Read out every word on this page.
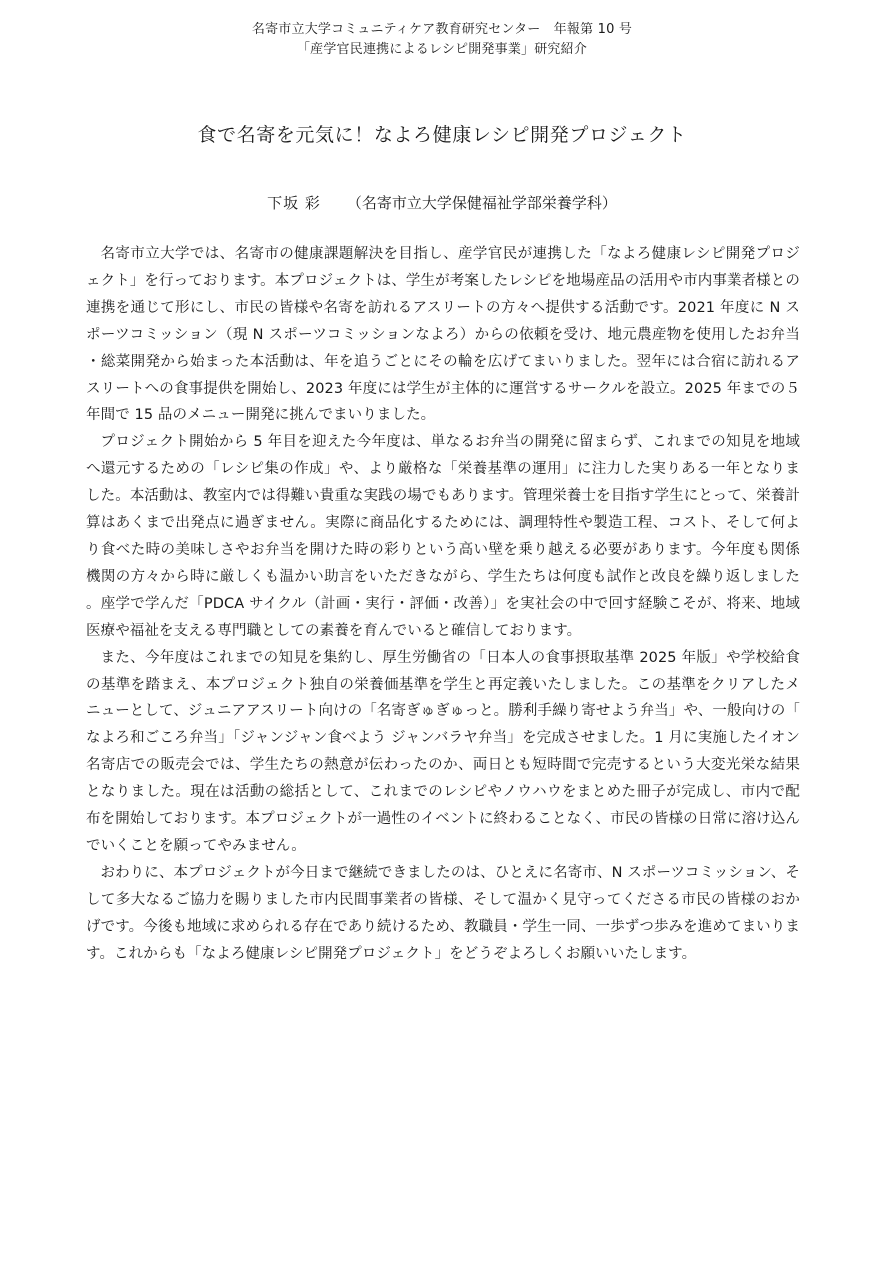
名寄市立大学コミュニティケア教育研究センター　年報第 10 号
「産学官民連携によるレシピ開発事業」研究紹介
食で名寄を元気に！なよろ健康レシピ開発プロジェクト
下坂 彩 （名寄市立大学保健福祉学部栄養学科）

名寄市立大学では、名寄市の健康課題解決を目指し、産学官民が連携した「なよろ健康レシピ開発プロジェクト」を行っております。本プロジェクトは、学生が考案したレシピを地場産品の活用や市内事業者様との連携を通じて形にし、市民の皆様や名寄を訪れるアスリートの方々へ提供する活動です。2021 年度に N スポーツコミッション（現 N スポーツコミッションなよろ）からの依頼を受け、地元農産物を使用したお弁当・総菜開発から始まった本活動は、年を追うごとにその輪を広げてまいりました。翌年には合宿に訪れるアスリートへの食事提供を開始し、2023 年度には学生が主体的に運営するサークルを設立。2025 年までの５年間で 15 品のメニュー開発に挑んでまいりました。

プロジェクト開始から 5 年目を迎えた今年度は、単なるお弁当の開発に留まらず、これまでの知見を地域へ還元するための「レシピ集の作成」や、より厳格な「栄養基準の運用」に注力した実りある一年となりました。本活動は、教室内では得難い貴重な実践の場でもあります。管理栄養士を目指す学生にとって、栄養計算はあくまで出発点に過ぎません。実際に商品化するためには、調理特性や製造工程、コスト、そして何より食べた時の美味しさやお弁当を開けた時の彩りという高い壁を乗り越える必要があります。今年度も関係機関の方々から時に厳しくも温かい助言をいただきながら、学生たちは何度も試作と改良を繰り返しました。座学で学んだ「PDCA サイクル（計画・実行・評価・改善）」を実社会の中で回す経験こそが、将来、地域医療や福祉を支える専門職としての素養を育んでいると確信しております。

また、今年度はこれまでの知見を集約し、厚生労働省の「日本人の食事摂取基準 2025 年版」や学校給食の基準を踏まえ、本プロジェクト独自の栄養価基準を学生と再定義いたしました。この基準をクリアしたメニューとして、ジュニアアスリート向けの「名寄ぎゅぎゅっと。勝利手繰り寄せよう弁当」や、一般向けの「なよろ和ごころ弁当」「ジャンジャン食べよう ジャンバラヤ弁当」を完成させました。1 月に実施したイオン名寄店での販売会では、学生たちの熱意が伝わったのか、両日とも短時間で完売するという大変光栄な結果となりました。現在は活動の総括として、これまでのレシピやノウハウをまとめた冊子が完成し、市内で配布を開始しております。本プロジェクトが一過性のイベントに終わることなく、市民の皆様の日常に溶け込んでいくことを願ってやみません。

おわりに、本プロジェクトが今日まで継続できましたのは、ひとえに名寄市、N スポーツコミッション、そして多大なるご協力を賜りました市内民間事業者の皆様、そして温かく見守ってくださる市民の皆様のおかげです。今後も地域に求められる存在であり続けるため、教職員・学生一同、一歩ずつ歩みを進めてまいります。これからも「なよろ健康レシピ開発プロジェクト」をどうぞよろしくお願いいたします。
